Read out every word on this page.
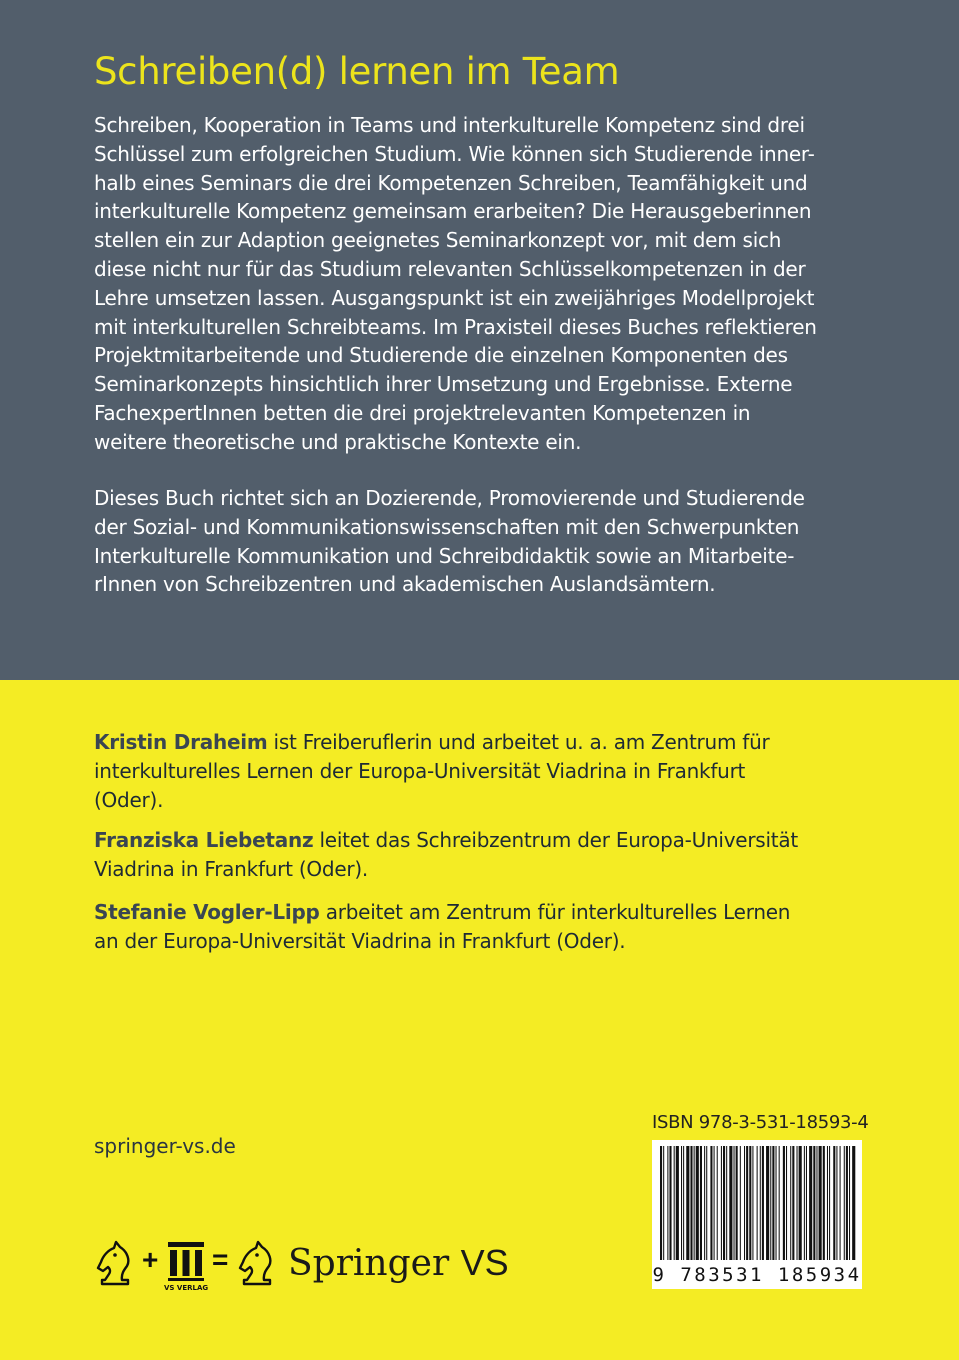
Schreiben(d) lernen im Team

Schreiben, Kooperation in Teams und interkulturelle Kompetenz sind drei
Schlüssel zum erfolgreichen Studium. Wie können sich Studierende inner-
halb eines Seminars die drei Kompetenzen Schreiben, Teamfähigkeit und
interkulturelle Kompetenz gemeinsam erarbeiten? Die Herausgeberinnen
stellen ein zur Adaption geeignetes Seminarkonzept vor, mit dem sich
diese nicht nur für das Studium relevanten Schlüsselkompetenzen in der
Lehre umsetzen lassen. Ausgangspunkt ist ein zweijähriges Modellprojekt
mit interkulturellen Schreibteams. Im Praxisteil dieses Buches reflektieren
Projektmitarbeitende und Studierende die einzelnen Komponenten des
Seminarkonzepts hinsichtlich ihrer Umsetzung und Ergebnisse. Externe
FachexpertInnen betten die drei projektrelevanten Kompetenzen in
weitere theoretische und praktische Kontexte ein.

Dieses Buch richtet sich an Dozierende, Promovierende und Studierende
der Sozial- und Kommunikationswissenschaften mit den Schwerpunkten
Interkulturelle Kommunikation und Schreibdidaktik sowie an Mitarbeite-
rInnen von Schreibzentren und akademischen Auslandsämtern.

Kristin Draheim ist Freiberuflerin und arbeitet u. a. am Zentrum für
interkulturelles Lernen der Europa-Universität Viadrina in Frankfurt
(Oder).

Franziska Liebetanz leitet das Schreibzentrum der Europa-Universität
Viadrina in Frankfurt (Oder).

Stefanie Vogler-Lipp arbeitet am Zentrum für interkulturelles Lernen
an der Europa-Universität Viadrina in Frankfurt (Oder).

springer-vs.de
ISBN 978-3-531-18593-4
9 783531 185934
+
VS VERLAG
= Springer VS
